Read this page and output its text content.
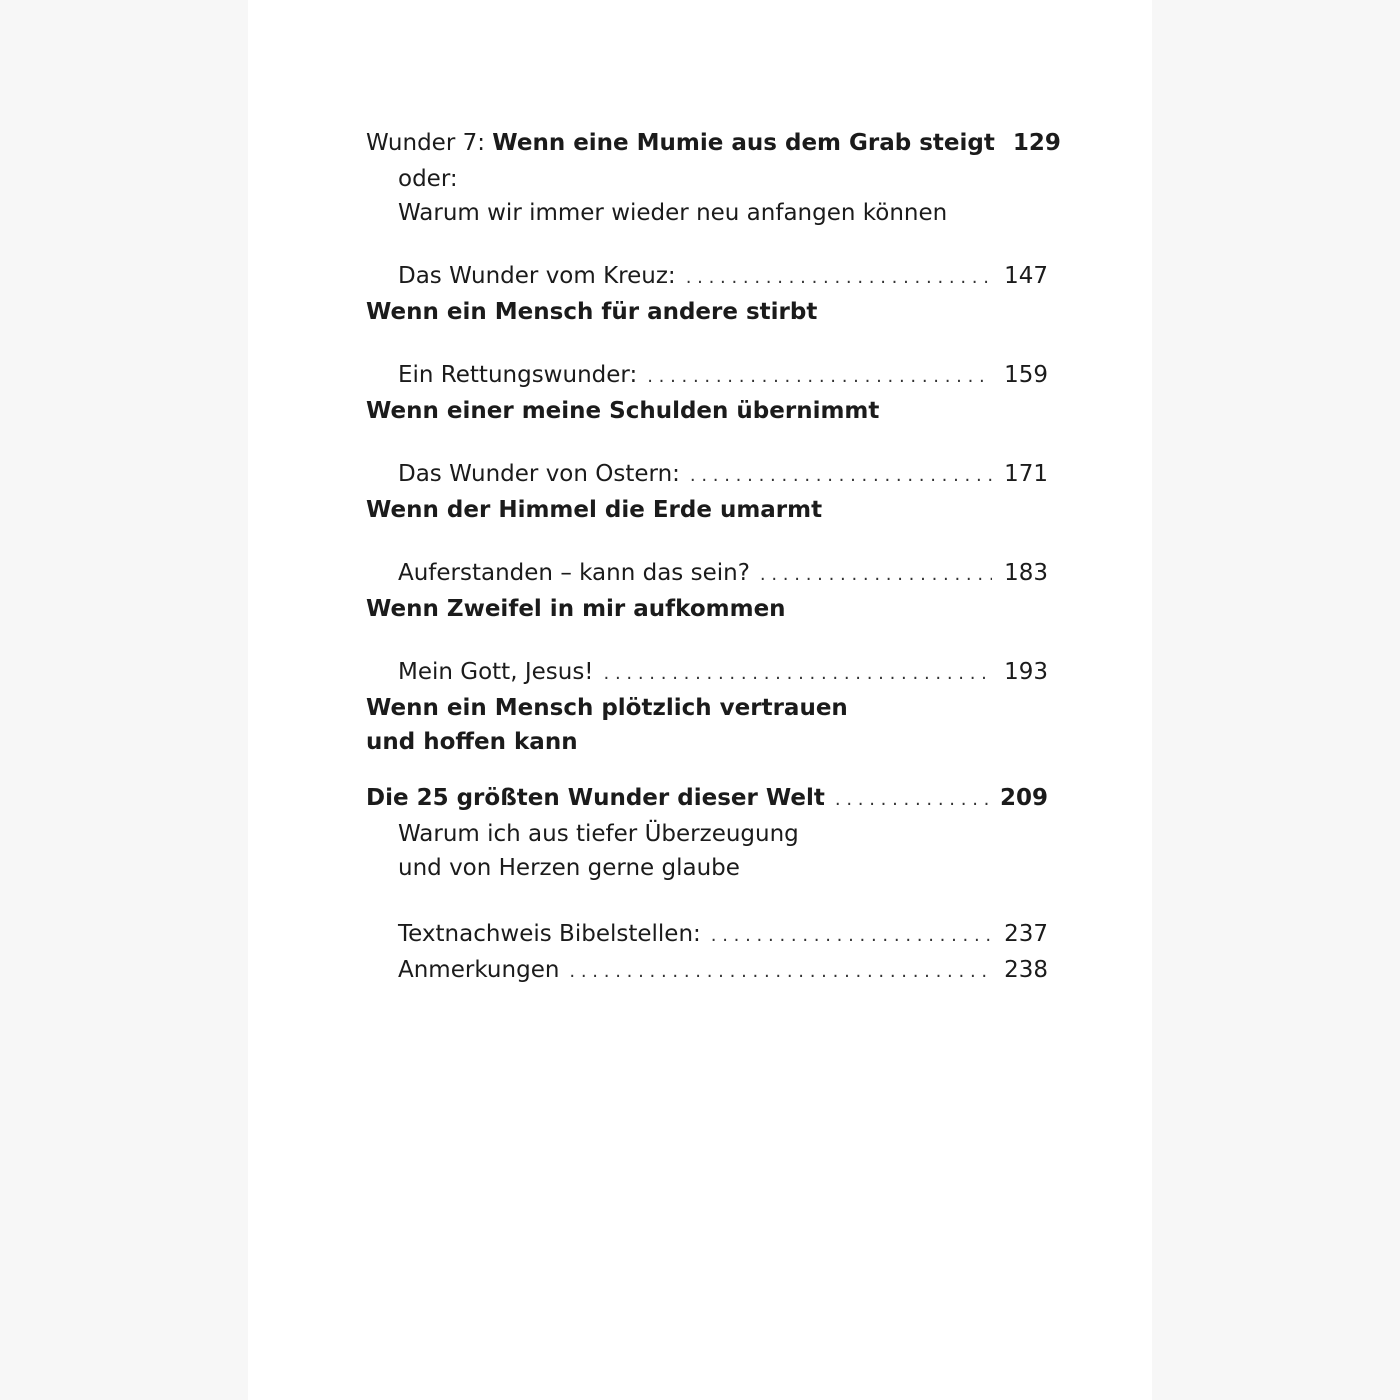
Wunder 7: Wenn eine Mumie aus dem Grab steigt 129
oder:
Warum wir immer wieder neu anfangen können
Das Wunder vom Kreuz: . . .	147
Wenn ein Mensch für andere stirbt
Ein Rettungswunder: . . .	159
Wenn einer meine Schulden übernimmt
Das Wunder von Ostern: . . .	171
Wenn der Himmel die Erde umarmt
Auferstanden – kann das sein? . . .	183
Wenn Zweifel in mir aufkommen
Mein Gott, Jesus! . . .	193
Wenn ein Mensch plötzlich vertrauen
und hoffen kann
Die 25 größten Wunder dieser Welt . . .	209
Warum ich aus tiefer Überzeugung
und von Herzen gerne glaube
Textnachweis Bibelstellen: . . .	237
Anmerkungen . . .	238
